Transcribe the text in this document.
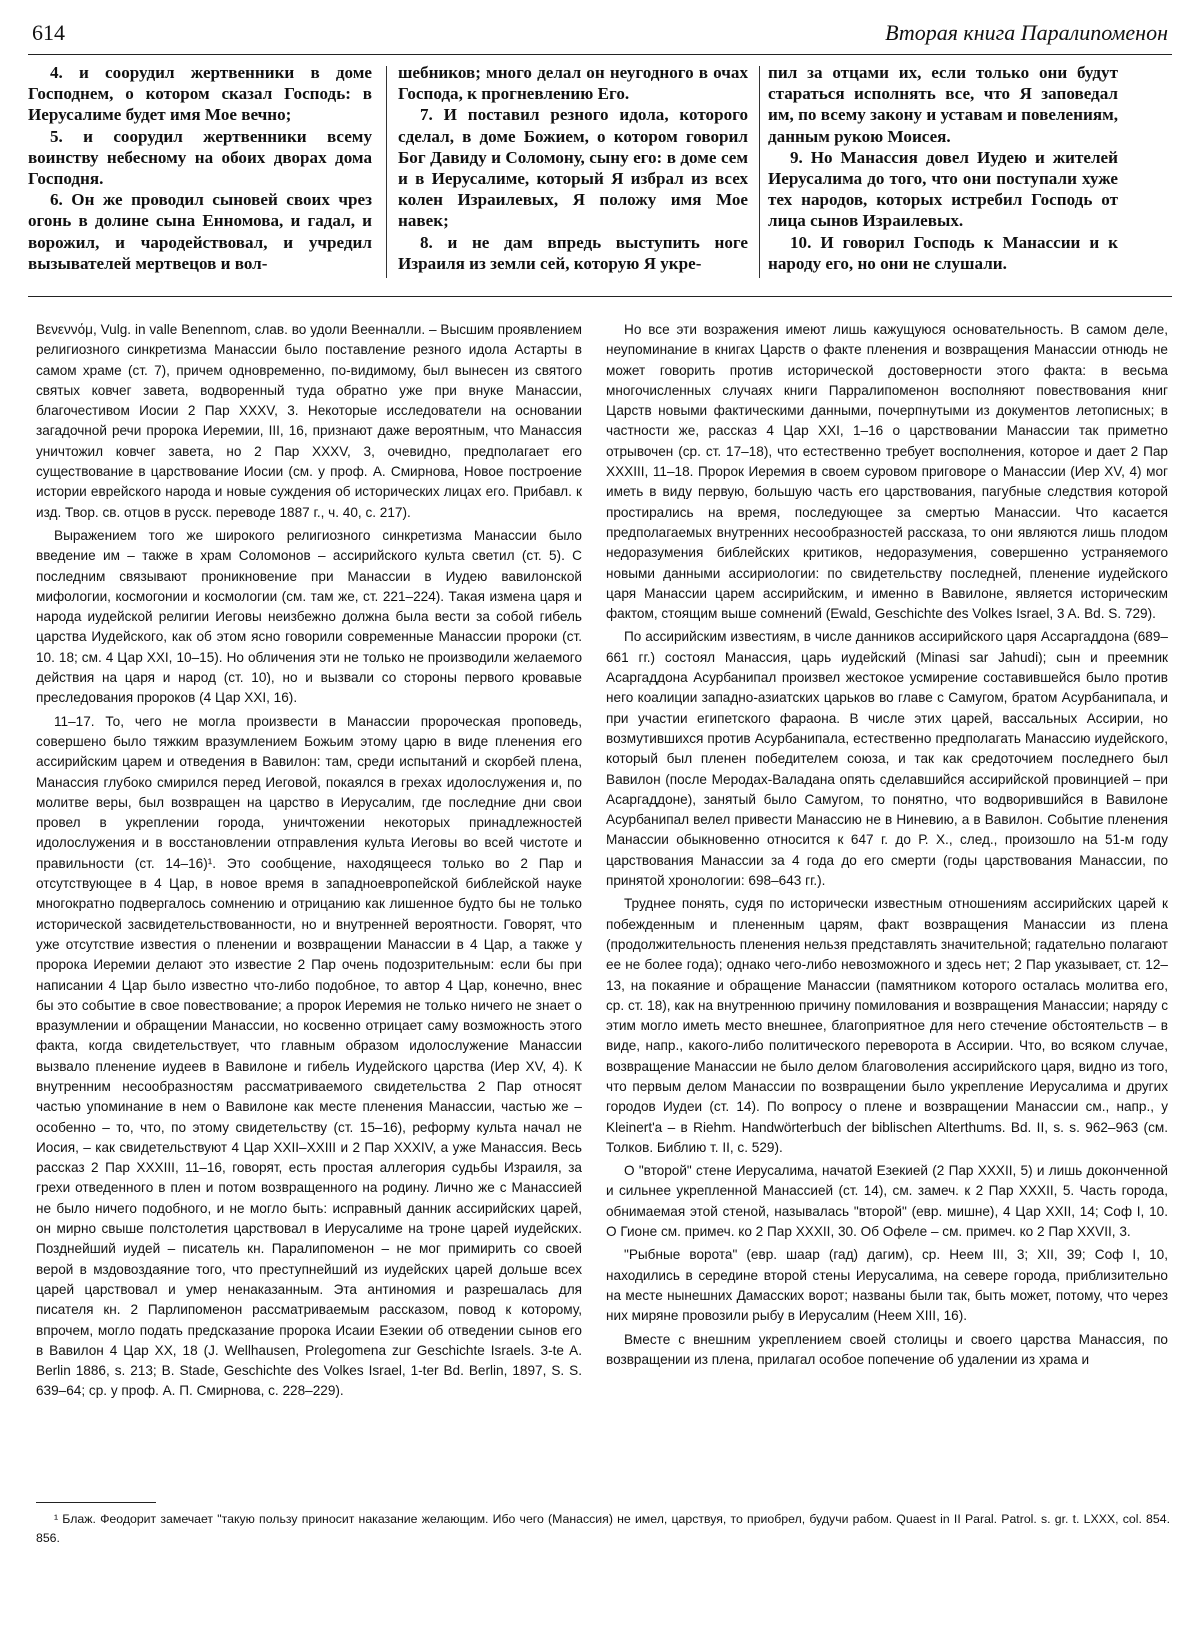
614	Вторая книга Паралипоменон

4. и соорудил жертвенники в доме Господнем, о котором сказал Господь: в Иерусалиме будет имя Мое вечно;

5. и соорудил жертвенники всему воинству небесному на обоих дворах дома Господня.

6. Он же проводил сыновей своих чрез огонь в долине сына Енномова, и гадал, и ворожил, и чародействовал, и учредил вызывателей мертвецов и вол-

шебников; много делал он неугодного в очах Господа, к прогневлению Его.

7. И поставил резного идола, которого сделал, в доме Божием, о котором говорил Бог Давиду и Соломону, сыну его: в доме сем и в Иерусалиме, который Я избрал из всех колен Израилевых, Я положу имя Мое навек;

8. и не дам впредь выступить ноге Израиля из земли сей, которую Я укре-

пил за отцами их, если только они будут стараться исполнять все, что Я заповедал им, по всему закону и уставам и повелениям, данным рукою Моисея.

9. Но Манассия довел Иудею и жителей Иерусалима до того, что они поступали хуже тех народов, которых истребил Господь от лица сынов Израилевых.

10. И говорил Господь к Манассии и к народу его, но они не слушали.

Βενεννόμ, Vulg. in valle Benennom, слав. во удоли Веенналли. – Высшим проявлением религиозного синкретизма Манассии было поставление резного идола Астарты в самом храме (ст. 7), причем одновременно, по-видимому, был вынесен из святого святых ковчег завета, водворенный туда обратно уже при внуке Манассии, благочестивом Иосии 2 Пар XXXV, 3. Некоторые исследователи на основании загадочной речи пророка Иеремии, III, 16, признают даже вероятным, что Манассия уничтожил ковчег завета, но 2 Пар XXXV, 3, очевидно, предполагает его существование в царствование Иосии (см. у проф. А. Смирнова, Новое построение истории еврейского народа и новые суждения об исторических лицах его. Прибавл. к изд. Твор. св. отцов в русск. переводе 1887 г., ч. 40, с. 217).

Выражением того же широкого религиозного синкретизма Манассии было введение им – также в храм Соломонов – ассирийского культа светил (ст. 5). С последним связывают проникновение при Манассии в Иудею вавилонской мифологии, космогонии и космологии (см. там же, ст. 221–224). Такая измена царя и народа иудейской религии Иеговы неизбежно должна была вести за собой гибель царства Иудейского, как об этом ясно говорили современные Манассии пророки (ст. 10. 18; см. 4 Цар XXI, 10–15). Но обличения эти не только не производили желаемого действия на царя и народ (ст. 10), но и вызвали со стороны первого кровавые преследования пророков (4 Цар XXI, 16).

11–17. То, чего не могла произвести в Манассии пророческая проповедь, совершено было тяжким вразумлением Божьим этому царю в виде пленения его ассирийским царем и отведения в Вавилон: там, среди испытаний и скорбей плена, Манассия глубоко смирился перед Иеговой, покаялся в грехах идолослужения и, по молитве веры, был возвращен на царство в Иерусалим, где последние дни свои провел в укреплении города, уничтожении некоторых принадлежностей идолослужения и в восстановлении отправления культа Иеговы во всей чистоте и правильности (ст. 14–16)¹. Это сообщение, находящееся только во 2 Пар и отсутствующее в 4 Цар, в новое время в западноевропейской библейской науке многократно подвергалось сомнению и отрицанию как лишенное будто бы не только исторической засвидетельствованности, но и внутренней вероятности. Говорят, что уже отсутствие известия о пленении и возвращении Манассии в 4 Цар, а также у пророка Иеремии делают это известие 2 Пар очень подозрительным: если бы при написании 4 Цар было известно что-либо подобное, то автор 4 Цар, конечно, внес бы это событие в свое повествование; а пророк Иеремия не только ничего не знает о вразумлении и обращении Манассии, но косвенно отрицает саму возможность этого факта, когда свидетельствует, что главным образом идолослужение Манассии вызвало пленение иудеев в Вавилоне и гибель Иудейского царства (Иер XV, 4). К внутренним несообразностям рассматриваемого свидетельства 2 Пар относят частью упоминание в нем о Вавилоне как месте пленения Манассии, частью же – особенно – то, что, по этому свидетельству (ст. 15–16), реформу культа начал не Иосия, – как свидетельствуют 4 Цар XXII–XXIII и 2 Пар XXXIV, а уже Манассия. Весь рассказ 2 Пар XXXIII, 11–16, говорят, есть простая аллегория судьбы Израиля, за грехи отведенного в плен и потом возвращенного на родину. Лично же с Манассией не было ничего подобного, и не могло быть: исправный данник ассирийских царей, он мирно свыше полстолетия царствовал в Иерусалиме на троне царей иудейских. Позднейший иудей – писатель кн. Паралипоменон – не мог примирить со своей верой в мздовоздаяние того, что преступнейший из иудейских царей дольше всех царей царствовал и умер ненаказанным. Эта антиномия и разрешалась для писателя кн. 2 Парлипоменон рассматриваемым рассказом, повод к которому, впрочем, могло подать предсказание пророка Исаии Езекии об отведении сынов его в Вавилон 4 Цар XX, 18 (J. Wellhausen, Prolegomena zur Geschichte Israels. 3-te A. Berlin 1886, s. 213; B. Stade, Geschichte des Volkes Israel, 1-ter Bd. Berlin, 1897, S. S. 639–64; ср. у проф. А. П. Смирнова, с. 228–229).

Но все эти возражения имеют лишь кажущуюся основательность. В самом деле, неупоминание в книгах Царств о факте пленения и возвращения Манассии отнюдь не может говорить против исторической достоверности этого факта: в весьма многочисленных случаях книги Парралипоменон восполняют повествования книг Царств новыми фактическими данными, почерпнутыми из документов летописных; в частности же, рассказ 4 Цар XXI, 1–16 о царствовании Манассии так приметно отрывочен (ср. ст. 17–18), что естественно требует восполнения, которое и дает 2 Пар XXXIII, 11–18. Пророк Иеремия в своем суровом приговоре о Манассии (Иер XV, 4) мог иметь в виду первую, большую часть его царствования, пагубные следствия которой простирались на время, последующее за смертью Манассии. Что касается предполагаемых внутренних несообразностей рассказа, то они являются лишь плодом недоразумения библейских критиков, недоразумения, совершенно устраняемого новыми данными ассириологии: по свидетельству последней, пленение иудейского царя Манассии царем ассирийским, и именно в Вавилоне, является историческим фактом, стоящим выше сомнений (Ewald, Geschichte des Volkes Israel, 3 A. Bd. S. 729).

По ассирийским известиям, в числе данников ассирийского царя Ассаргаддона (689–661 гг.) состоял Манассия, царь иудейский (Minasi sar Jahudi); сын и преемник Асаргаддона Асурбанипал произвел жестокое усмирение составившейся было против него коалиции западно-азиатских царьков во главе с Самугом, братом Асурбанипала, и при участии египетского фараона. В числе этих царей, вассальных Ассирии, но возмутившихся против Асурбанипала, естественно предполагать Манассию иудейского, который был пленен победителем союза, и так как средоточием последнего был Вавилон (после Меродах-Валадана опять сделавшийся ассирийской провинцией – при Асаргаддоне), занятый было Самугом, то понятно, что водворившийся в Вавилоне Асурбанипал велел привести Манассию не в Ниневию, а в Вавилон. Событие пленения Манассии обыкновенно относится к 647 г. до Р. Х., след., произошло на 51-м году царствования Манассии за 4 года до его смерти (годы царствования Манассии, по принятой хронологии: 698–643 гг.).

Труднее понять, судя по исторически известным отношениям ассирийских царей к побежденным и плененным царям, факт возвращения Манассии из плена (продолжительность пленения нельзя представлять значительной; гадательно полагают ее не более года); однако чего-либо невозможного и здесь нет; 2 Пар указывает, ст. 12–13, на покаяние и обращение Манассии (памятником которого осталась молитва его, ср. ст. 18), как на внутреннюю причину помилования и возвращения Манассии; наряду с этим могло иметь место внешнее, благоприятное для него стечение обстоятельств – в виде, напр., какого-либо политического переворота в Ассирии. Что, во всяком случае, возвращение Манассии не было делом благоволения ассирийского царя, видно из того, что первым делом Манассии по возвращении было укрепление Иерусалима и других городов Иудеи (ст. 14). По вопросу о плене и возвращении Манассии см., напр., у Kleinert'a – в Riehm. Handwörterbuch der biblischen Alterthums. Bd. II, s. s. 962–963 (см. Толков. Библию т. II, с. 529).

О "второй" стене Иерусалима, начатой Езекией (2 Пар XXXII, 5) и лишь доконченной и сильнее укрепленной Манассией (ст. 14), см. замеч. к 2 Пар XXXII, 5. Часть города, обнимаемая этой стеной, называлась "второй" (евр. мишне), 4 Цар XXII, 14; Соф I, 10. О Гионе см. примеч. ко 2 Пар XXXII, 30. Об Офеле – см. примеч. ко 2 Пар XXVII, 3.

"Рыбные ворота" (евр. шаар (гад) дагим), ср. Неем III, 3; XII, 39; Соф I, 10, находились в середине второй стены Иерусалима, на севере города, приблизительно на месте нынешних Дамасских ворот; названы были так, быть может, потому, что через них миряне провозили рыбу в Иерусалим (Неем XIII, 16).

Вместе с внешним укреплением своей столицы и своего царства Манассия, по возвращении из плена, прилагал особое попечение об удалении из храма и

¹ Блаж. Феодорит замечает "такую пользу приносит наказание желающим. Ибо чего (Манассия) не имел, царствуя, то приобрел, будучи рабом. Quaest in II Paral. Patrol. s. gr. t. LXXX, col. 854. 856.
